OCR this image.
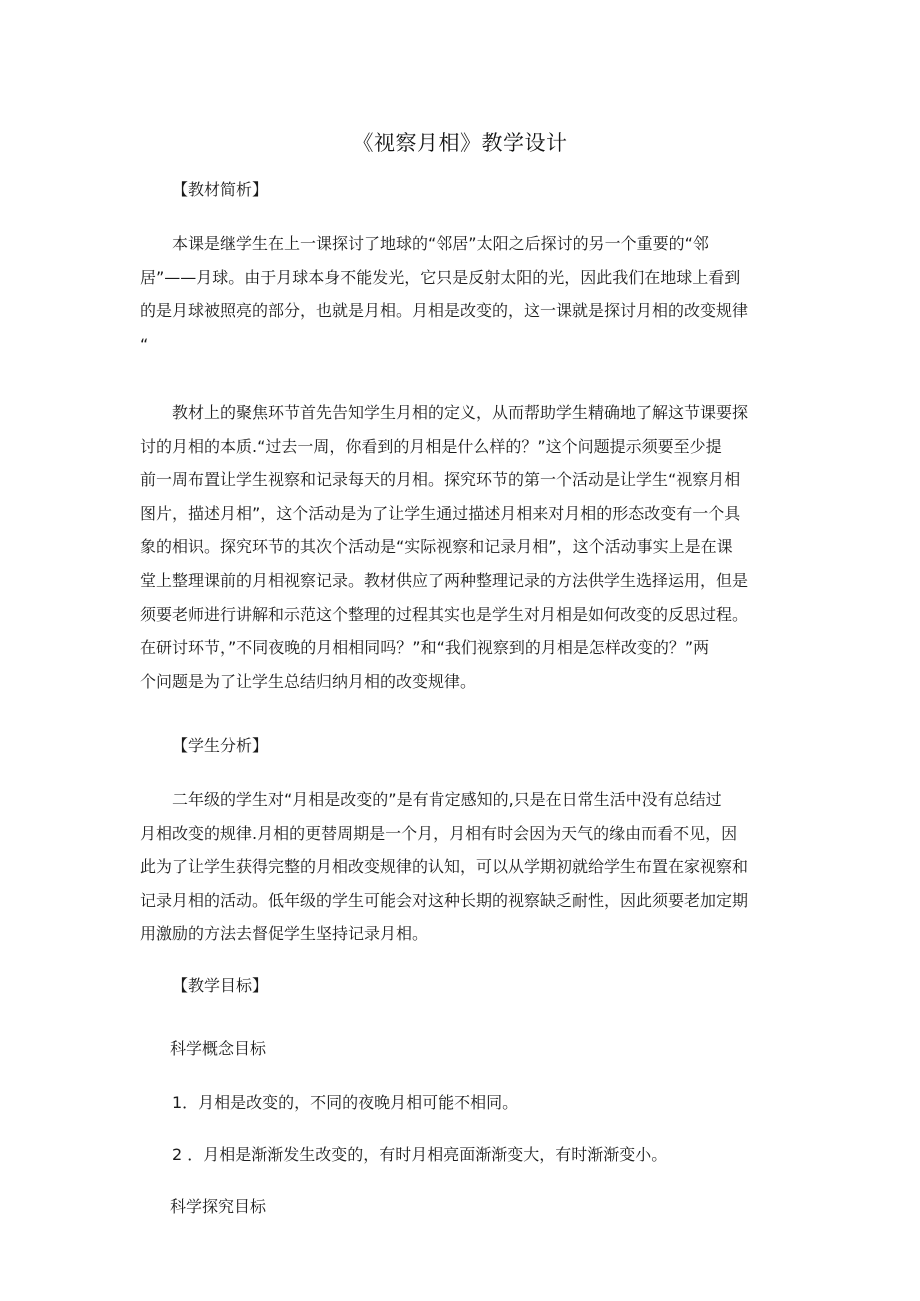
《视察月相》教学设计
【教材简析】
本课是继学生在上一课探讨了地球的“邻居”太阳之后探讨的另一个重要的“邻
居”——月球。由于月球本身不能发光，它只是反射太阳的光，因此我们在地球上看到
的是月球被照亮的部分，也就是月相。月相是改变的，这一课就是探讨月相的改变规律
“
教材上的聚焦环节首先告知学生月相的定义，从而帮助学生精确地了解这节课要探
讨的月相的本质.“过去一周，你看到的月相是什么样的？”这个问题提示须要至少提
前一周布置让学生视察和记录每天的月相。探究环节的第一个活动是让学生“视察月相
图片，描述月相”，这个活动是为了让学生通过描述月相来对月相的形态改变有一个具
象的相识。探究环节的其次个活动是“实际视察和记录月相”，这个活动事实上是在课
堂上整理课前的月相视察记录。教材供应了两种整理记录的方法供学生选择运用，但是
须要老师进行讲解和示范这个整理的过程其实也是学生对月相是如何改变的反思过程。
在研讨环节，”不同夜晚的月相相同吗？”和“我们视察到的月相是怎样改变的？”两
个问题是为了让学生总结归纳月相的改变规律。
【学生分析】
二年级的学生对“月相是改变的”是有肯定感知的,只是在日常生活中没有总结过
月相改变的规律.月相的更替周期是一个月，月相有时会因为天气的缘由而看不见，因
此为了让学生获得完整的月相改变规律的认知，可以从学期初就给学生布置在家视察和
记录月相的活动。低年级的学生可能会对这种长期的视察缺乏耐性，因此须要老加定期
用激励的方法去督促学生坚持记录月相。
【教学目标】
科学概念目标
1．月相是改变的，不同的夜晚月相可能不相同。
2 ．月相是渐渐发生改变的，有时月相亮面渐渐变大，有时渐渐变小。
科学探究目标
